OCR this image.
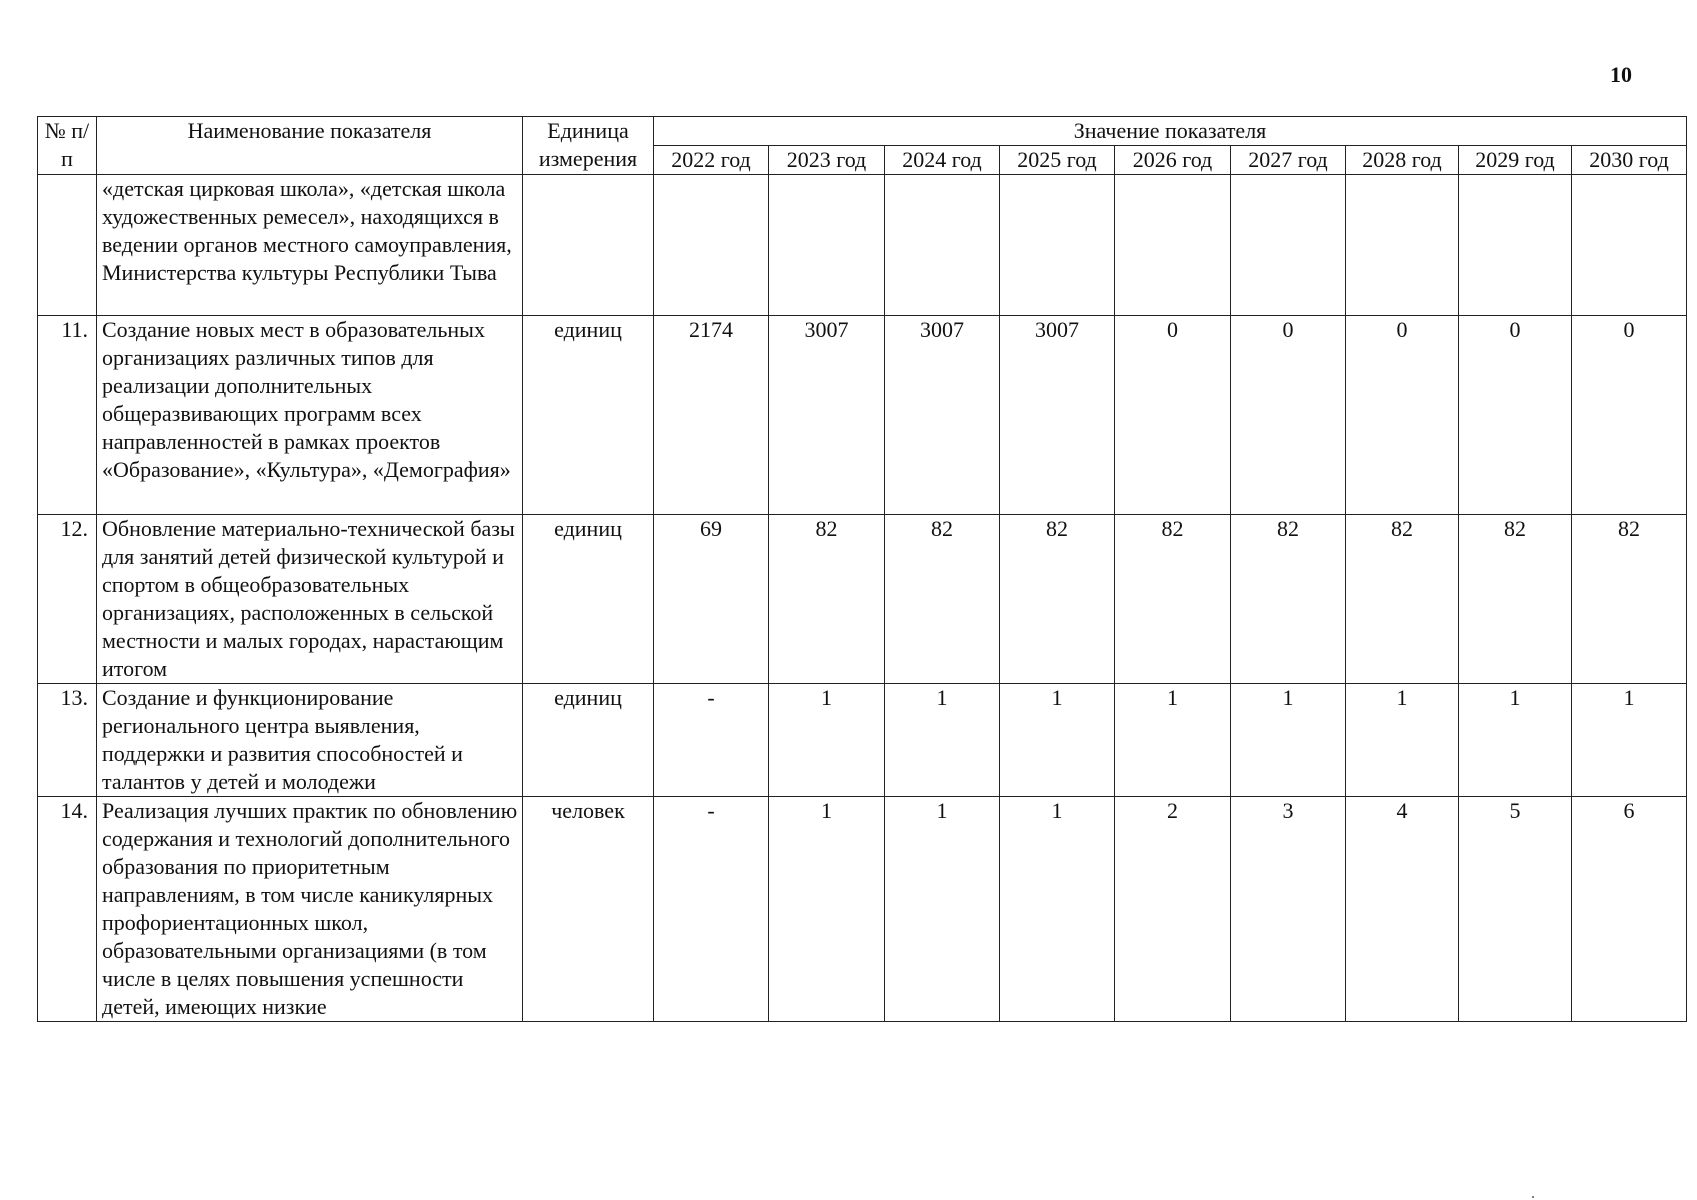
10
№ п/п	Наименование показателя	Единица измерения	Значение показателя								
			2022 год	2023 год	2024 год	2025 год	2026 год	2027 год	2028 год	2029 год	2030 год
	«детская цирковая школа», «детская школа художественных ремесел», находящихся в ведении органов местного самоуправления, Министерства культуры Республики Тыва										
11.	Создание новых мест в образовательных организациях различных типов для реализации дополнительных общеразвивающих программ всех направленностей в рамках проектов «Образование», «Культура», «Демография»	единиц	2174	3007	3007	3007	0	0	0	0	0
12.	Обновление материально-технической базы для занятий детей физической культурой и спортом в общеобразовательных организациях, расположенных в сельской местности и малых городах, нарастающим итогом	единиц	69	82	82	82	82	82	82	82	82
13.	Создание и функционирование регионального центра выявления, поддержки и развития способностей и талантов у детей и молодежи	единиц	-	1	1	1	1	1	1	1	1
14.	Реализация лучших практик по обновлению содержания и технологий дополнительного образования по приоритетным направлениям, в том числе каникулярных профориентационных школ, образовательными организациями (в том числе в целях повышения успешности детей, имеющих низкие	человек	-	1	1	1	2	3	4	5	6
